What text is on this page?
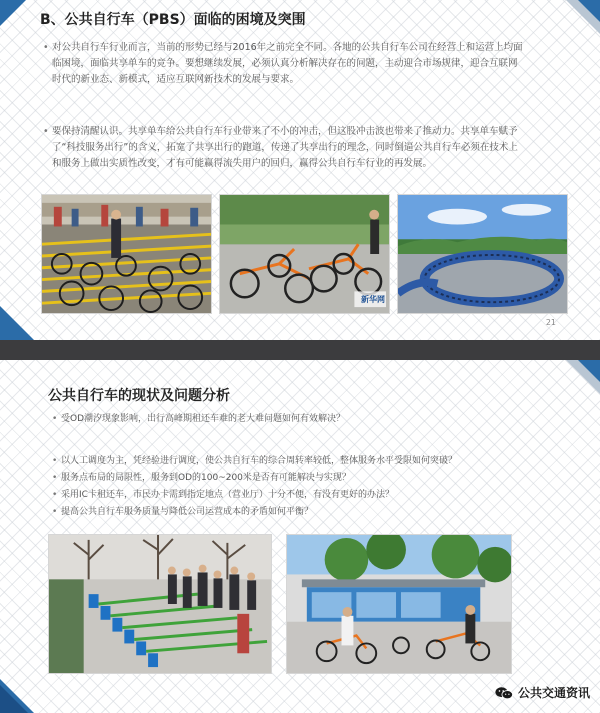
B、公共自行车（PBS）面临的困境及突围
• 对公共自行车行业而言，当前的形势已经与2016年之前完全不同。各地的公共自行车公司在经营上和运营上均面
临困境，面临共享单车的竞争。要想继续发展，必须认真分析解决存在的问题，主动迎合市场规律，迎合互联网
时代的新业态、新模式，适应互联网新技术的发展与要求。
• 要保持清醒认识。共享单车给公共自行车行业带来了不小的冲击，但这股冲击波也带来了推动力。共享单车赋予
了“科技服务出行”的含义，拓宽了共享出行的跑道，传递了共享出行的理念，同时倒逼公共自行车必须在技术上
和服务上做出实质性改变，才有可能赢得流失用户的回归，赢得公共自行车行业的再发展。
新华网
21
公共自行车的现状及问题分析
• 受OD潮汐现象影响，出行高峰期租还车难的老大难问题如何有效解决？
• 以人工调度为主，凭经验进行调度，使公共自行车的综合周转率较低，整体服务水平受限如何突破？
• 服务点布局的局限性，服务到OD的100~200米是否有可能解决与实现？
• 采用IC卡租还车，市民办卡需到指定地点（营业厅）十分不便，有没有更好的办法？
• 提高公共自行车服务质量与降低公司运营成本的矛盾如何平衡？
公共交通资讯
